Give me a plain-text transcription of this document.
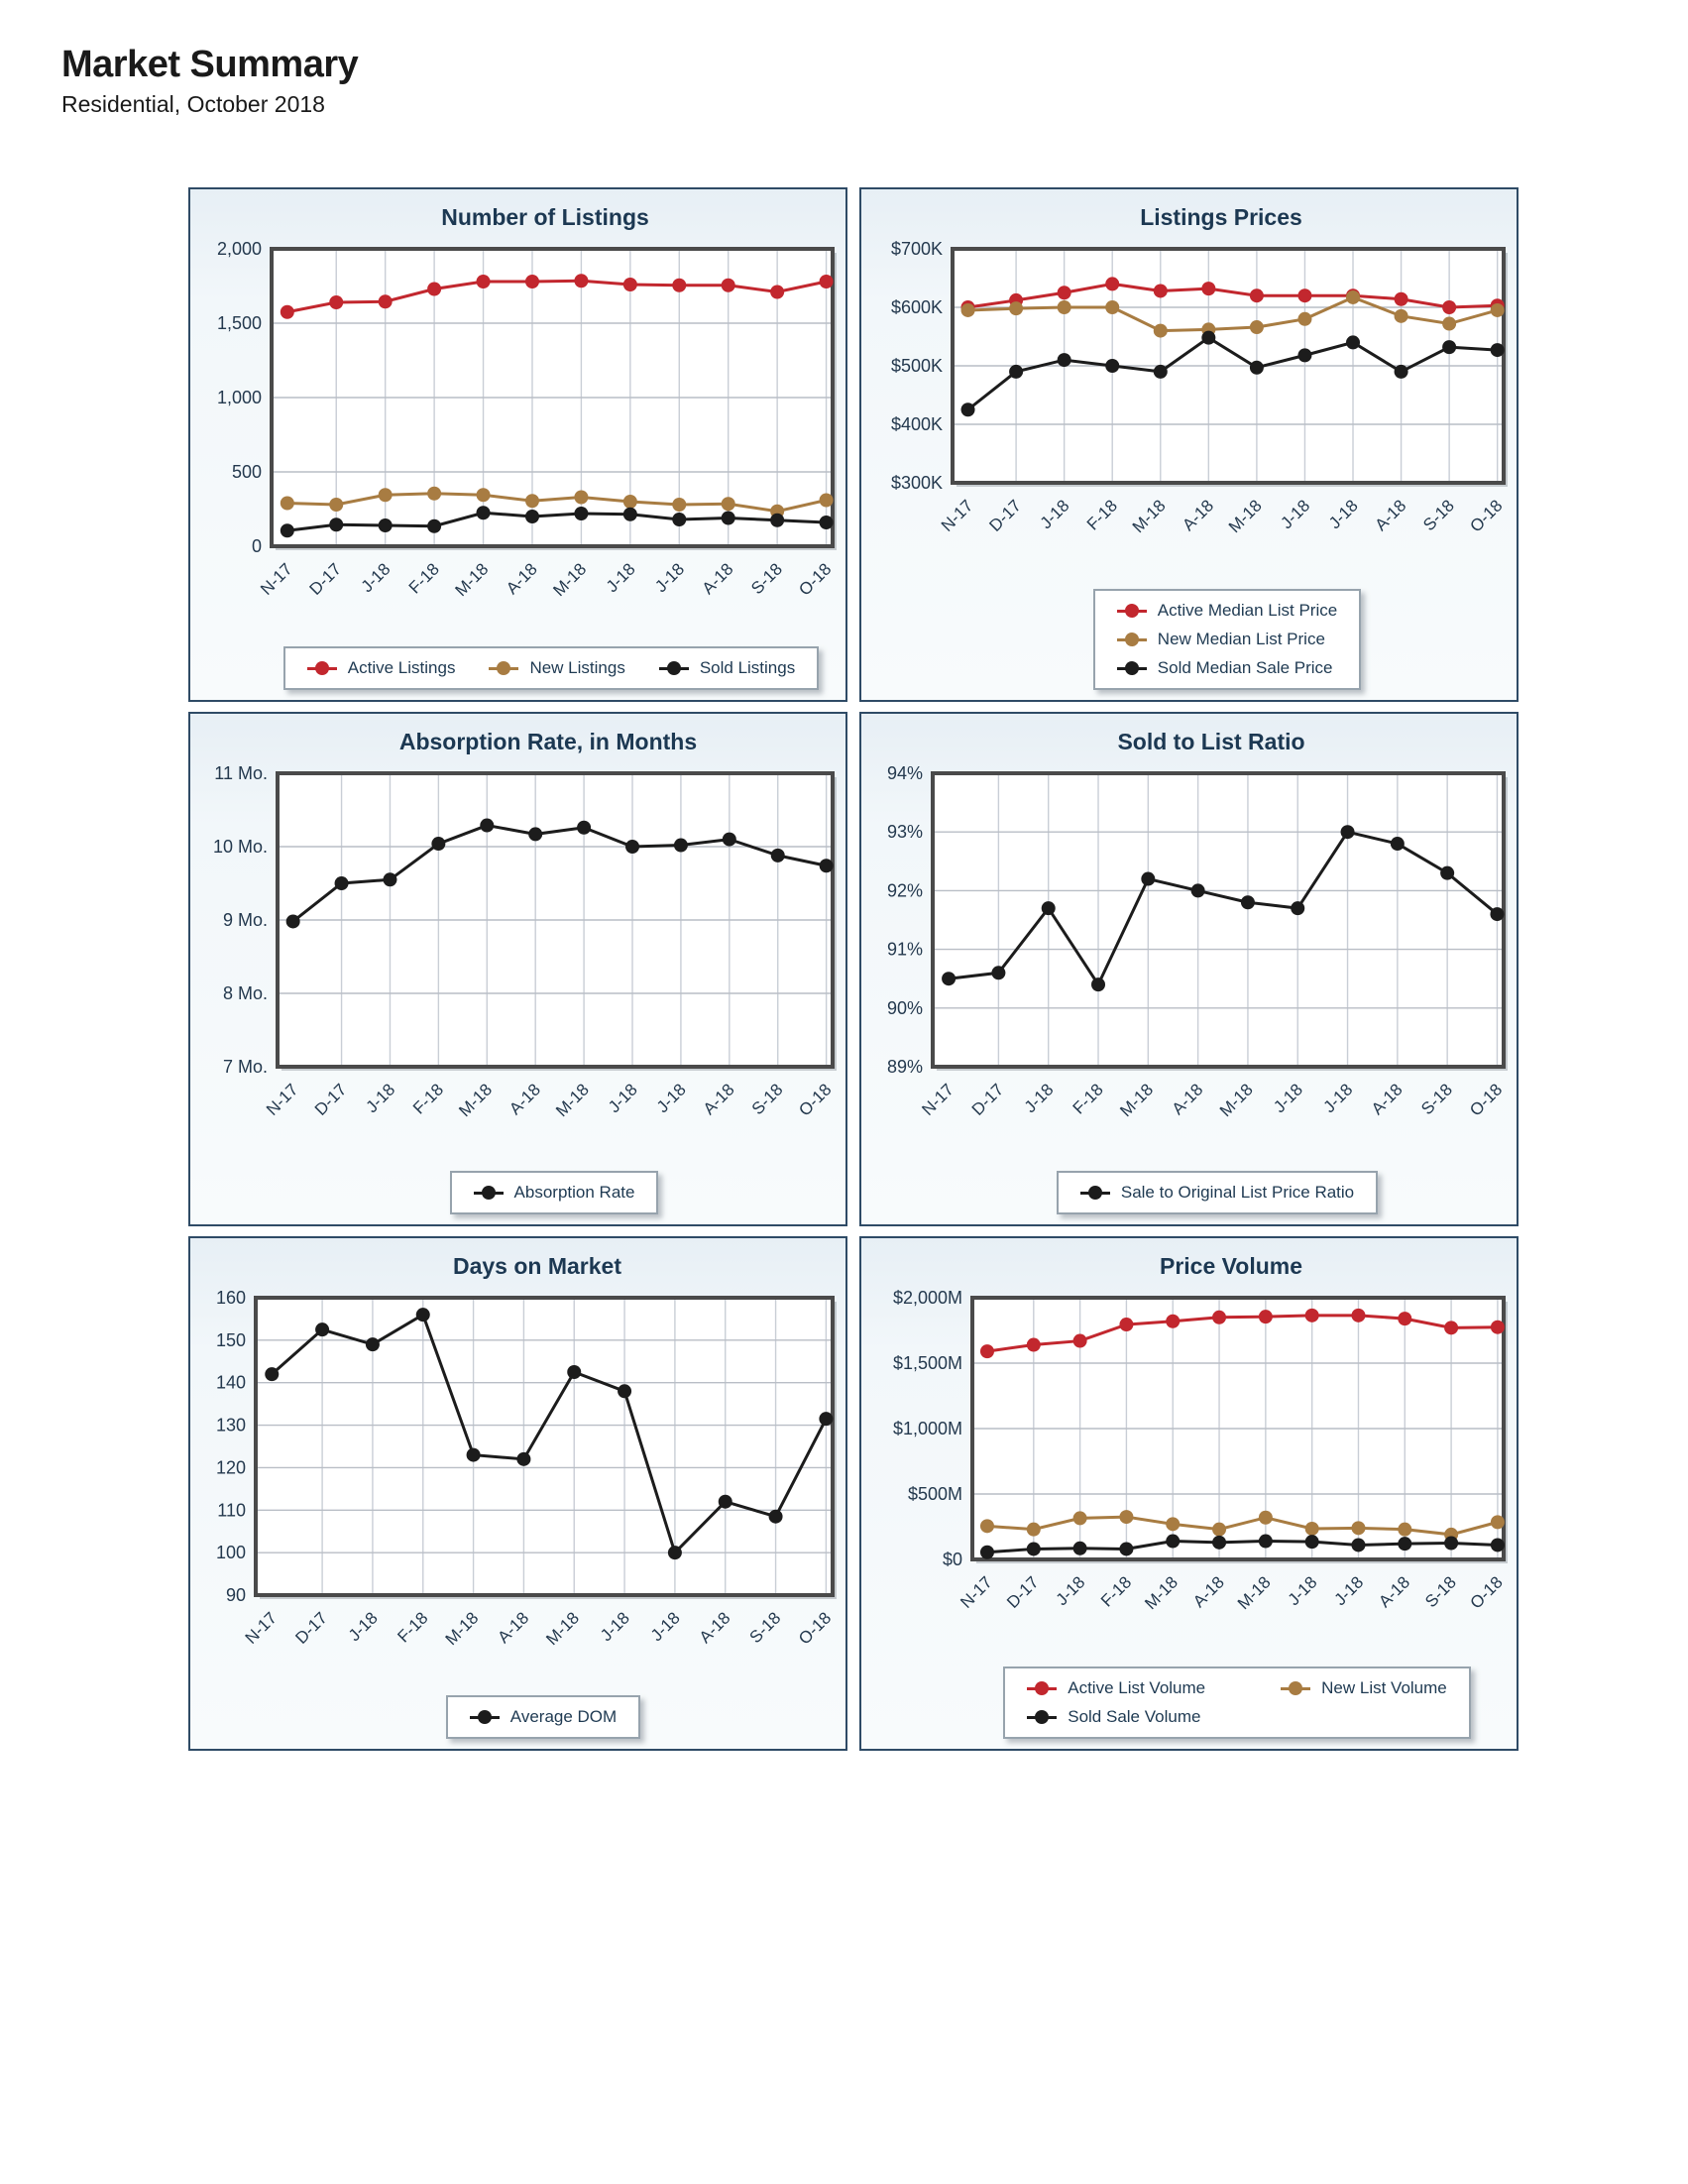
Market Summary
Residential, October 2018
Number of Listings
2,000
1,500
1,000
500
0
N-17 D-17 J-18 F-18 M-18 A-18 M-18 J-18 J-18 A-18 S-18 O-18
Active Listings	New Listings	Sold Listings
Listings Prices
$700K
$600K
$500K
$400K
$300K
N-17 D-17 J-18 F-18 M-18 A-18 M-18 J-18 J-18 A-18 S-18 O-18
Active Median List Price
New Median List Price
Sold Median Sale Price
Absorption Rate, in Months
11 Mo.
10 Mo.
9 Mo.
8 Mo.
7 Mo.
N-17 D-17 J-18 F-18 M-18 A-18 M-18 J-18 J-18 A-18 S-18 O-18
Absorption Rate
Sold to List Ratio
94%
93%
92%
91%
90%
89%
N-17 D-17 J-18 F-18 M-18 A-18 M-18 J-18 J-18 A-18 S-18 O-18
Sale to Original List Price Ratio
Days on Market
160
150
140
130
120
110
100
90
N-17 D-17 J-18 F-18 M-18 A-18 M-18 J-18 J-18 A-18 S-18 O-18
Average DOM
Price Volume
$2,000M
$1,500M
$1,000M
$500M
$0
N-17 D-17 J-18 F-18 M-18 A-18 M-18 J-18 J-18 A-18 S-18 O-18
Active List Volume	New List Volume
Sold Sale Volume
